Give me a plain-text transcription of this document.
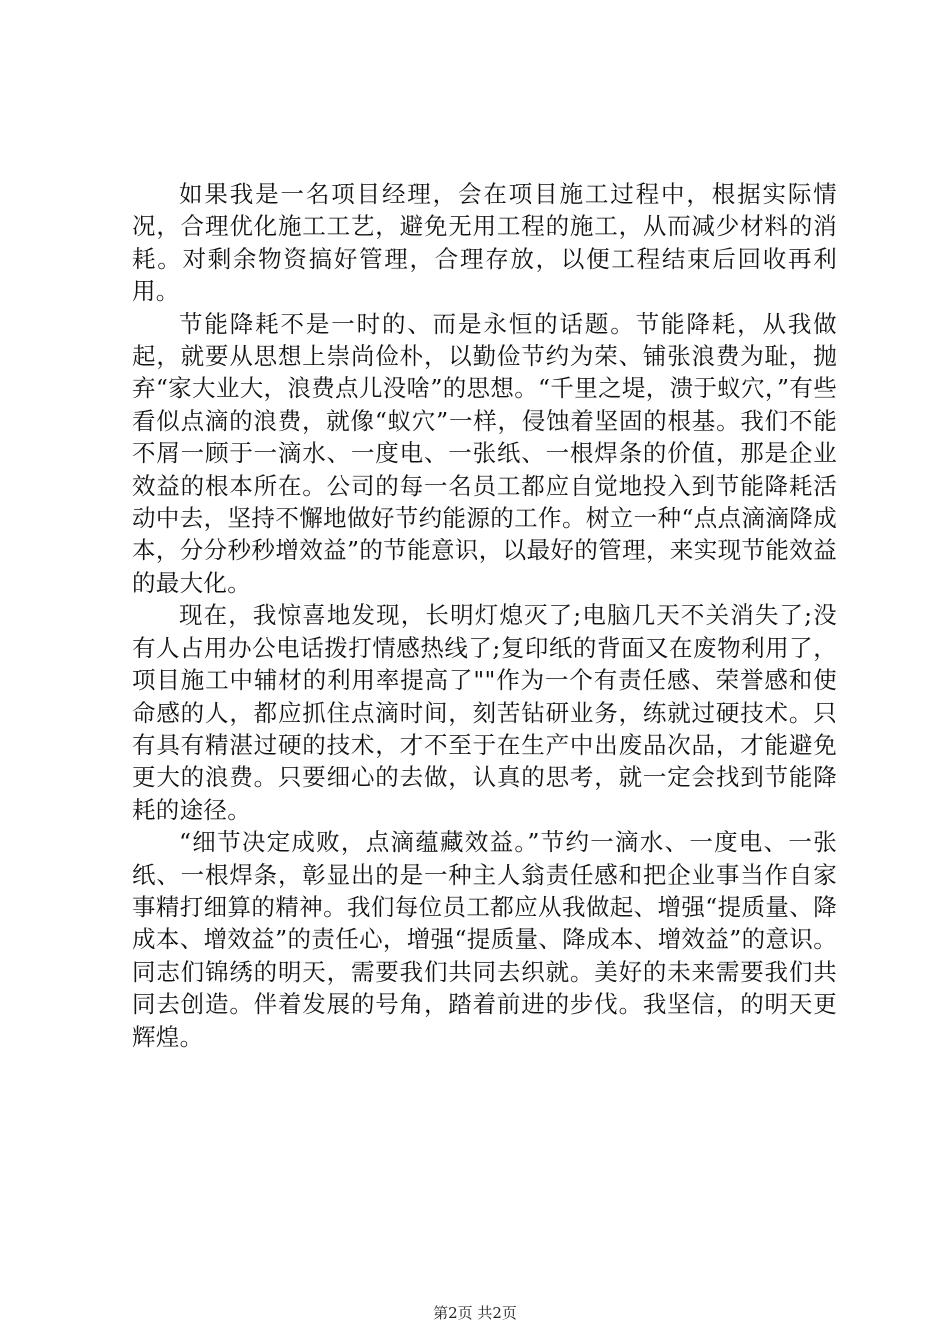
如果我是一名项目经理，会在项目施工过程中，根据实际情况，合理优化施工工艺，避免无用工程的施工，从而减少材料的消耗。对剩余物资搞好管理，合理存放，以便工程结束后回收再利用。

节能降耗不是一时的、而是永恒的话题。节能降耗，从我做起，就要从思想上崇尚俭朴，以勤俭节约为荣、铺张浪费为耻，抛弃“家大业大，浪费点儿没啥”的思想。“千里之堤，溃于蚁穴，”有些看似点滴的浪费，就像“蚁穴”一样，侵蚀着坚固的根基。我们不能不屑一顾于一滴水、一度电、一张纸、一根焊条的价值，那是企业效益的根本所在。公司的每一名员工都应自觉地投入到节能降耗活动中去，坚持不懈地做好节约能源的工作。树立一种“点点滴滴降成本，分分秒秒增效益”的节能意识，以最好的管理，来实现节能效益的最大化。

现在，我惊喜地发现，长明灯熄灭了;电脑几天不关消失了;没有人占用办公电话拨打情感热线了;复印纸的背面又在废物利用了，项目施工中辅材的利用率提高了""作为一个有责任感、荣誉感和使命感的人，都应抓住点滴时间，刻苦钻研业务，练就过硬技术。只有具有精湛过硬的技术，才不至于在生产中出废品次品，才能避免更大的浪费。只要细心的去做，认真的思考，就一定会找到节能降耗的途径。

“细节决定成败，点滴蕴藏效益。”节约一滴水、一度电、一张纸、一根焊条，彰显出的是一种主人翁责任感和把企业事当作自家事精打细算的精神。我们每位员工都应从我做起、增强“提质量、降成本、增效益”的责任心，增强“提质量、降成本、增效益”的意识。同志们锦绣的明天，需要我们共同去织就。美好的未来需要我们共同去创造。伴着发展的号角，踏着前进的步伐。我坚信，的明天更辉煌。

第2页 共2页
